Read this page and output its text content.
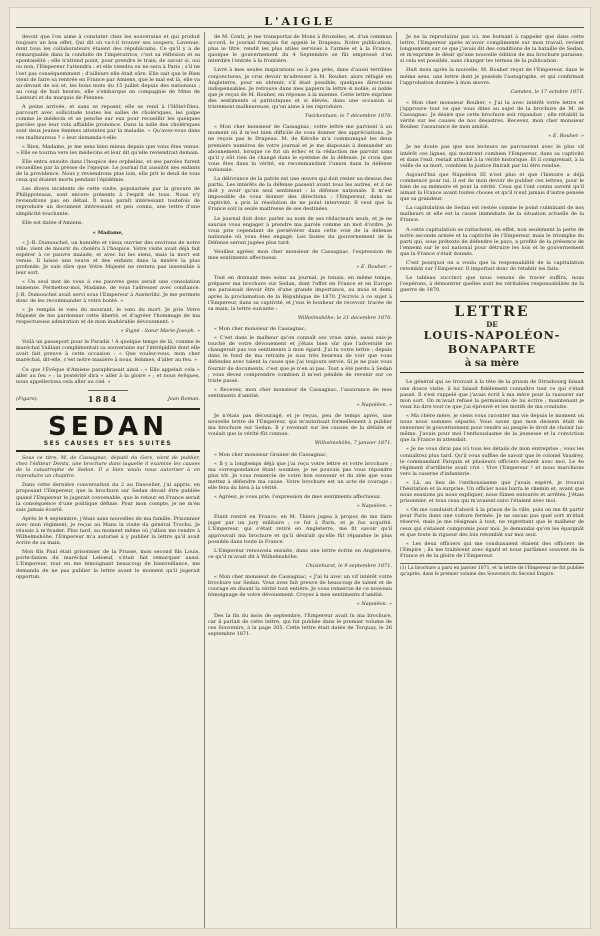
L'AIGLE

devoir que l'on aime à constater chez les souverains et qui produit toujours un bon effet. Qui dit où va-t-il trouver ses soupers, Lavenue, dont tous les collaborateurs étaient des républicains. Ce qu'il y a de remarquable dans la conduite de l'impératrice, c'est sa réflexion et sa spontanéité ; elle n'attend point, pour prendre le train, de savoir si, oui ou non, l'Empereur l'attendra : et elle viendra ou ne sera à Paris ; s'il ne l'est pas conséquemment ; d'ailleurs elle était sûre. Elle sait que le Bien vient de faire sa rentrée en France par Amiens, que le mal est là, elle va au-devant de soi et, les bons mots du 15 juillet depuis des nationaux ; au coup de huit heures, elle s'embarque en compagnie de Mme de Lasteuri et du marquis de Piennes.

A peine arrivée, et sans se reposer, elle se rend à l'Hôtel-Dieu, parcourt avec sollicitude toutes les salles de cholériques, les palpe comme le médecin et se penche sur eux pour recueillir les quelques paroles que leur voix affaiblie prononce. Dans la salle des cholériques sont deux jeunes femmes atteintes par la maladie. « Qu'avez-vous dans ces malheureux ? » leur demanda-t-elle.

« Rien, Madame, je me sens bien mieux depuis que vous êtes venue. » Elle se tourna vers les médecins et leur dit qu'elle reviendrait demain.

Elle entra ensuite dans l'hospice des orphelins, et ses paroles furent recueillies par la presse de l'époque. Le journal fut aussitôt des enfants de la providence. Nous y reviendrons plus loin, elle prit le deuil de tous ceux qui étaient morts pendant l'épidémie.

Les divers incidents de cette visite, popularisés par la gravure de Philippoteaux, sont encore présents à l'esprit de tous. Nous n'y reviendrons pas en détail. Il nous paraît intéressant toutefois de reproduire un document intéressant et peu connu, une lettre d'une simplicité touchante.

Elle est datée d'Amiens.

« Madame,

« J.-B. Dumouchel, un honnête et vieux ouvrier des environs de notre ville, vient de mourir du choléra à l'hospice. Votre visite avait déjà fait espérer à ce pauvre malade, et avec lui les siens, mais la mort est venue. Il laisse une veuve et des enfants dans la misère la plus profonde. Je suis sûre que Votre Majesté ne restera pas insensible à leur sort.

« Un seul mot de vous à ces pauvres gens serait une consolation immense. Permettez-moi, Madame, de vous l'adresser avec confiance. J.-B. Dumouchel avait servi sous l'Empereur à Austerlitz. Je me permets donc de les recommander à votre bonté. »

« Je remplis le vœu du mourant, le vœu du mort. Je prie Votre Majesté de me pardonner cette liberté, et d'agréer l'hommage de ma respectueuse admiration et de mon inaltérable dévouement. »

« Signé : Sœur Marie-Joseph. »

Voilà un passeport pour le Paradis ! A quelque temps de là, comme le maréchal Vaillant complimentait sa souveraine sur l'intrépidité dont elle avait fait preuve à cette occasion : « Que voulez-vous, mon cher maréchal, dit-elle, c'est notre manière à nous, femmes, d'aller au feu. »

Ce que l'Évêque d'Amiens paraphrasait ainsi : « Elle appelait cela « aller au feu » ; la postérité dira « aller à la gloire » ; et nous évêques, nous appellerions cela aller au ciel. »

(Figaro).	1884	Jean Roman.
SEDAN
SES CAUSES ET SES SUITES

Sous ce titre, M. de Cassagnac, député du Gers, vient de publier, chez l'éditeur Dentu, une brochure dans laquelle il examine les causes de la catastrophe de Sedan. Il a bien voulu nous autoriser à en reproduire un chapitre.

Dans cette dernière conversation du 2 au Dauvelier, j'ai appris, en proposant l'Empereur, que la brochure sur Sedan devait être publiée quand l'Empereur le jugerait convenable, que le retour en France serait la conséquence d'une politique définie. Pour mon compte, je ne m'en suis jamais écarté.

Après le 4 septembre, j'étais sans nouvelles de ma famille. Prisonnier avec mon régiment, je reçus au Mans la visite du général Trochu. Je réussis à m'évader. Plus tard, au moment même où j'allais me rendre à Wilhelmshöhe, l'Empereur m'a autorisé à y publier la lettre qu'il avait écrite de sa main.

Mon fils Paul était prisonnier de la Prusse, mon second fils Louis, porte-fanion du maréchal Lebœuf, s'était fait remarquer aussi. L'Empereur, tout en me témoignant beaucoup de bienveillance, me demanda de ne pas publier la lettre avant le moment qu'il jugerait opportun.

de M. Conti, je me transportai de Mons à Bruxelles, et, d'un commun accord, le journal français fut appelé le Drapeau. Notre publication, plus le titre, rendit les plus utiles services à l'armée et à la France, quoique le gouvernement du 4 Septembre se fût empressé d'en interdire l'entrée à la frontière.

Livré à mes seules inspirations ou à peu près, dans d'aussi terribles conjonctures, je crus devoir m'adresser à M. Rouher, alors réfugié en Angleterre, pour en obtenir, s'il était possible, quelques directions indispensables. Je retrouve dans mes papiers la lettre si noble, si noble que je reçus de M. Rouher, en réponse à la mienne. Cette lettre exprime des sentiments si patriotiques et si élevés, dans une occasion si tristement malheureuse, qu'on aime à les reproduire.

Twickenham, le 7 décembre 1870.

« Mon cher monsieur de Cassagnac, votre lettre me parvient à un moment où il m'est bien difficile de vous donner des appréciations. Je ne reçois pas le Drapeau. M. de Kérolle m'a communiqué les deux premiers numéros de votre journal et je me disposais à demander un abonnement, lorsque ce fut un échec et la rédaction me parvint sans qu'il y eût rien de changé dans le système de la défense. Je crois que vous êtes dans la vérité, en recommandant l'union dans la défense nationale.

La délivrance de la patrie est une œuvre qui doit rester au-dessus des partis. Les intérêts de la défense passent avant tous les autres, et il ne doit y avoir qu'un seul sentiment : la défense nationale. Il m'est impossible de vous donner des directions ; l'Empereur, dans sa captivité, a pris la résolution de ne point intervenir. Il veut que la France soit la seule maîtresse de ses destinées.

Le journal doit donc parler au nom de ses rédacteurs seuls, et je ne saurais vous engager à prendre ma parole comme un mot d'ordre. Je vous prie cependant de persévérer dans cette voie de la défense nationale où vous êtes engagé. Les fautes du gouvernement de la Défense seront jugées plus tard.

Veuillez agréer, mon cher monsieur de Cassagnac, l'expression de mes sentiments affectueux.

« E. Rouher. »

Tout en donnant mes soins au journal, je tenais, en même temps, préparer ma brochure sur Sedan, dont l'effet en France et en Europe me paraissait devoir être d'une grande importance, au mois et demi après la proclamation de la République de 1870. J'écrivis à ce sujet à l'Empereur, dans sa captivité, et j'eus le bonheur de recevoir, tracée de sa main, la lettre suivante :

Wilhelmshöhe, le 21 décembre 1870.

« Mon cher monsieur de Cassagnac,

« C'est dans le malheur qu'on connaît ses vrais amis, aussi suis-je touché de votre dévouement et j'étais bien sûr que l'adversité ne changerait pas vos sentiments à mon égard. J'ai lu votre lettre ; depuis dans le fond de ma retraite je suis très heureux de voir que vous défendez avec talent la cause que j'ai toujours servie. Si je ne puis vous fournir de documents, c'est que je n'en ai pas. Tout a été perdu à Sedan ; vous devez comprendre combien il m'est pénible de revenir sur ce triste passé.

« Recevez, mon cher monsieur de Cassagnac, l'assurance de mes sentiments d'amitié.

« Napoléon. »

Je n'étais pas découragé, et je reçus, peu de temps après, une nouvelle lettre de l'Empereur, qui m'autorisait formellement à publier ma brochure sur Sedan. Il y revenait sur les causes de la défaite et voulait que la vérité fût connue.

Wilhelmshöhe, 7 janvier 1871.

« Mon cher monsieur Granier de Cassagnac,

« Il y a longtemps déjà que j'ai reçu votre lettre et votre brochure ; ma correspondance étant soumise, je ne pouvais pas vous répondre plus tôt. Je vous remercie de votre bon souvenir et du zèle que vous mettez à défendre ma cause. Votre brochure est un acte de courage ; elle fera du bien à la vérité.

« Agréez, je vous prie, l'expression de mes sentiments affectueux.

« Napoléon. »

Étant rentré en France, en M. Thiers jugea à propos de me faire juger par un jury militaire ; ce fut à Paris, et je fus acquitté. L'Empereur, qui s'était retiré en Angleterre, me fit savoir qu'il approuvait ma brochure et qu'il désirait qu'elle fût répandue le plus possible dans toute la France.

L'Empereur renouvela ensuite, dans une lettre écrite en Angleterre, ce qu'il m'avait dit à Wilhelmshöhe.

Chislehurst, le 9 septembre 1871.

« Mon cher monsieur de Cassagnac, « J'ai lu avec un vif intérêt votre brochure sur Sedan. Vous avez fait preuve de beaucoup de talent et de courage en disant la vérité tout entière. Je vous remercie de ce nouveau témoignage de votre dévouement. Croyez à mes sentiments d'amitié.

« Napoléon. »

Des la fin du mois de septembre, l'Empereur avait lu ma brochure, car il parlait de cette lettre, qui fut publiée dans le premier volume de ces Souvenirs, à la page 205. Cette lettre était datée de Torquay, le 26 septembre 1871.

Je ne la reproduirai pas ici, me bornant à rappeler que dans cette lettre, l'Empereur après m'avoir complimenté sur mon travail, revient longuement sur ce que j'avais dit des conditions de la bataille de Sedan, et m'exprime le désir qu'une nouvelle édition de ma brochure paraisse, si cela est possible, sans changer les termes de la publication.

Huit mois après la nouvelle, M. Rouher reçut de l'Empereur, dans le même sens, une lettre dont je possède l'autographe, et qui confirmait l'approbation donnée à mon œuvre.

Camden, le 17 octobre 1871.

« Mon cher monsieur Rouher, « J'ai lu avec intérêt votre lettre et j'approuve tout ce que vous dites au sujet de la brochure de M. de Cassagnac. Je désire que cette brochure soit répandue ; elle rétablit la vérité sur les causes de nos désastres. Recevez, mon cher monsieur Rouher, l'assurance de mon amitié.

« E. Rouher. »

Je ne doute pas que nos lecteurs ne parcourent avec le plus vif intérêt ces lignes, qui montrent combien l'Empereur, dans sa captivité et dans l'exil, restait attaché à la vérité historique. Et il comprenait, à la veille de sa mort, combien la justice finirait par lui être rendue.

Aujourd'hui que Napoléon III n'est plus et que l'histoire a déjà commencé pour lui, il est de mon devoir de publier ces lettres, pour le bien de sa mémoire et pour la vérité. Ceux qui l'ont connu savent qu'il aimait la France avant toutes choses et qu'il n'eut jamais d'autre pensée que sa grandeur.

La capitulation de Sedan est restée comme le point culminant de nos malheurs et elle est la cause immédiate de la situation actuelle de la France.

A cette capitulation se rattachent, en effet, non seulement la perte de notre seconde armée et la captivité de l'Empereur, mais le triomphe du parti qui, sous prétexte de défendre le pays, a profité de la présence de l'ennemi sur le sol national pour détruire les lois et le gouvernement que la France s'était donnés.

C'est pourquoi on a voulu que la responsabilité de la capitulation retombât sur l'Empereur. Il importait donc de rétablir les faits.

Le tableau succinct que nous venons de tracer suffira, nous l'espérons, à démontrer quelles sont les véritables responsabilités de la guerre de 1870.

LETTRE
DE
LOUIS-NAPOLÉON-BONAPARTE
à sa mère

Le général qui se trouvait à la tête de la prison de Strasbourg faisait une douce visite, il lui faisait fidèlement connaître tout ce qui s'était passé. Il s'est rappelé que j'avais écrit à ma mère pour la rassurer sur mon sort. On m'avait refusé la permission de lui écrire ; maintenant je veux lui dire tout ce que j'ai éprouvé et les motifs de ma conduite.

« Ma chère mère, je viens vous raconter ma vie depuis le moment où nous nous sommes séparés. Vous savez que mon dessein était de renverser le gouvernement pour rendre au peuple le droit de choisir lui-même. J'avais pour moi l'enthousiasme de la jeunesse et la conviction que la France m'attendait.

« Je ne vous dirai pas ici tous les détails de mon entreprise ; vous les connaîtrez plus tard. Qu'il vous suffise de savoir que le colonel Vaudrey, le commandant Parquin et plusieurs officiers étaient avec moi. Le 4e régiment d'artillerie avait crié : Vive l'Empereur ! et nous marchions vers la caserne d'infanterie.

« Là, au lieu de l'enthousiasme que j'avais espéré, je trouvai l'hésitation et la surprise. Un officier nous barra le chemin et, avant que nous eussions pu nous expliquer, nous fûmes entourés et arrêtés. J'étais prisonnier, et tous ceux qui m'avaient suivi l'étaient avec moi.

« On me conduisit d'abord à la prison de la ville, puis on me fit partir pour Paris dans une voiture fermée. Je ne savais pas quel sort m'était réservé, mais je me résignais à tout, ne regrettant que le malheur de ceux qui s'étaient compromis pour moi. Je demandai qu'on les épargnât et que toute la rigueur des lois retombât sur moi seul.

« Les deux officiers qui me conduisaient étaient des officiers de l'Empire ; ils me traitèrent avec égard et nous parlâmes souvent de la France et de la gloire de l'Empereur.

(1) La brochure a paru en janvier 1871, et la lettre de l'Empereur ne fut publiée qu'après, dans le premier volume des Souvenirs du Second Empire.
